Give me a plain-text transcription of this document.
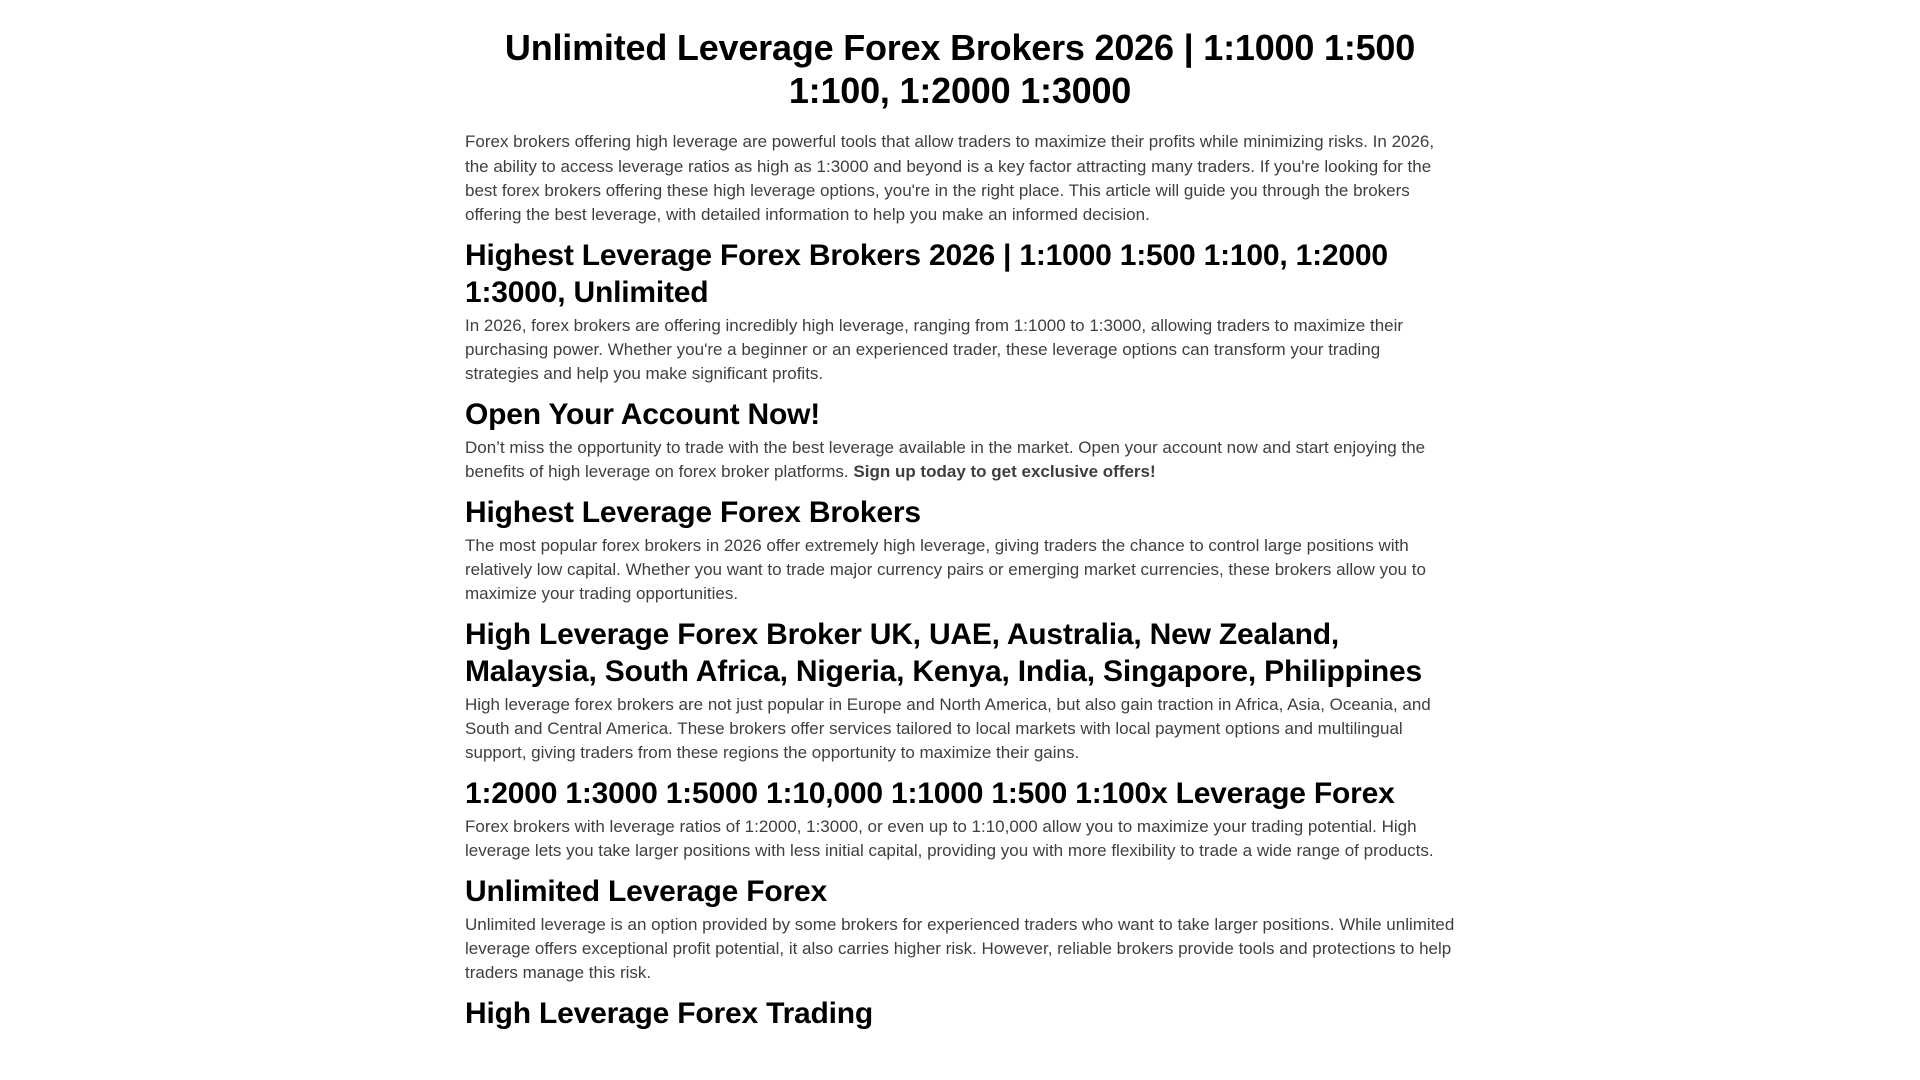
Unlimited Leverage Forex Brokers 2026 | 1:1000 1:500 1:100, 1:2000 1:3000

Forex brokers offering high leverage are powerful tools that allow traders to maximize their profits while minimizing risks. In 2026, the ability to access leverage ratios as high as 1:3000 and beyond is a key factor attracting many traders. If you're looking for the best forex brokers offering these high leverage options, you're in the right place. This article will guide you through the brokers offering the best leverage, with detailed information to help you make an informed decision.

Highest Leverage Forex Brokers 2026 | 1:1000 1:500 1:100, 1:2000 1:3000, Unlimited

In 2026, forex brokers are offering incredibly high leverage, ranging from 1:1000 to 1:3000, allowing traders to maximize their purchasing power. Whether you're a beginner or an experienced trader, these leverage options can transform your trading strategies and help you make significant profits.

Open Your Account Now!

Don’t miss the opportunity to trade with the best leverage available in the market. Open your account now and start enjoying the benefits of high leverage on forex broker platforms. Sign up today to get exclusive offers!

Highest Leverage Forex Brokers

The most popular forex brokers in 2026 offer extremely high leverage, giving traders the chance to control large positions with relatively low capital. Whether you want to trade major currency pairs or emerging market currencies, these brokers allow you to maximize your trading opportunities.

High Leverage Forex Broker UK, UAE, Australia, New Zealand, Malaysia, South Africa, Nigeria, Kenya, India, Singapore, Philippines

High leverage forex brokers are not just popular in Europe and North America, but also gain traction in Africa, Asia, Oceania, and South and Central America. These brokers offer services tailored to local markets with local payment options and multilingual support, giving traders from these regions the opportunity to maximize their gains.

1:2000 1:3000 1:5000 1:10,000 1:1000 1:500 1:100x Leverage Forex

Forex brokers with leverage ratios of 1:2000, 1:3000, or even up to 1:10,000 allow you to maximize your trading potential. High leverage lets you take larger positions with less initial capital, providing you with more flexibility to trade a wide range of products.

Unlimited Leverage Forex

Unlimited leverage is an option provided by some brokers for experienced traders who want to take larger positions. While unlimited leverage offers exceptional profit potential, it also carries higher risk. However, reliable brokers provide tools and protections to help traders manage this risk.

High Leverage Forex Trading
